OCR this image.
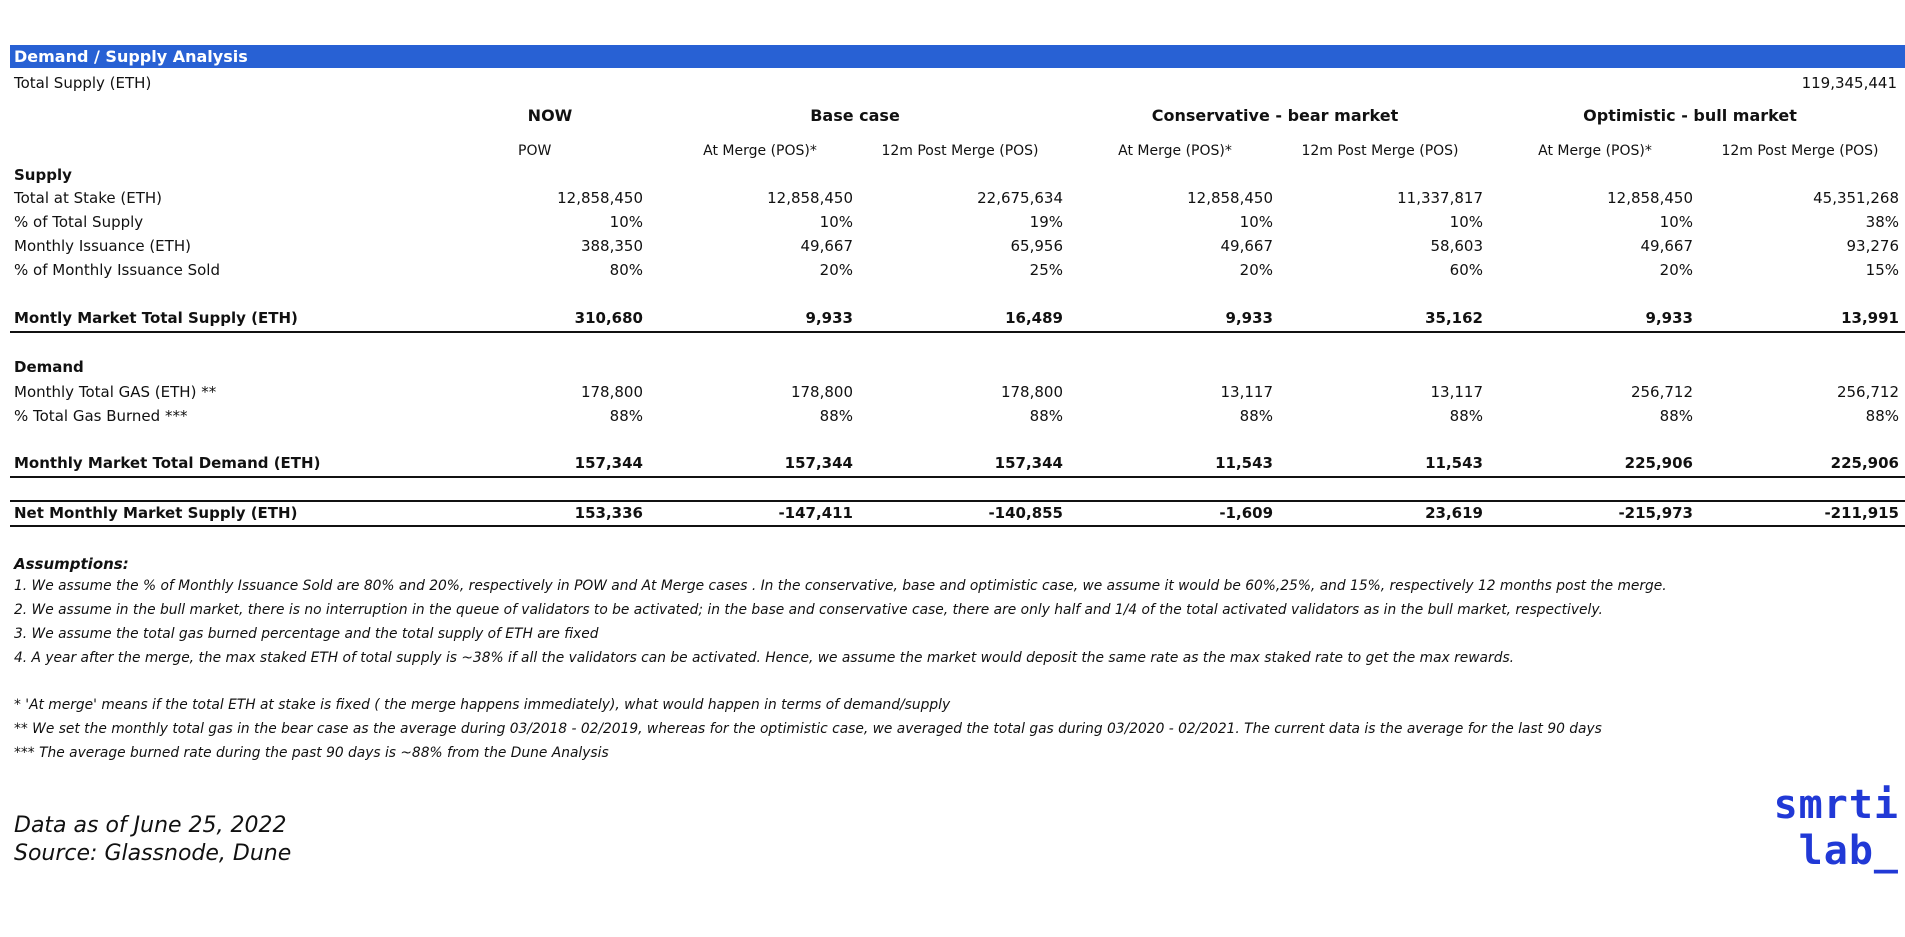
Demand / Supply Analysis
Total Supply (ETH)	119,345,441
NOW	Base case	Conservative - bear market	Optimistic - bull market
POW	At Merge (POS)*	12m Post Merge (POS)	At Merge (POS)*	12m Post Merge (POS)	At Merge (POS)*	12m Post Merge (POS)
Supply
Total at Stake (ETH)	12,858,450	12,858,450	22,675,634	12,858,450	11,337,817	12,858,450	45,351,268
% of Total Supply	10%	10%	19%	10%	10%	10%	38%
Monthly Issuance (ETH)	388,350	49,667	65,956	49,667	58,603	49,667	93,276
% of Monthly Issuance Sold	80%	20%	25%	20%	60%	20%	15%
Montly Market Total Supply (ETH)	310,680	9,933	16,489	9,933	35,162	9,933	13,991
Demand
Monthly Total GAS (ETH) **	178,800	178,800	178,800	13,117	13,117	256,712	256,712
% Total Gas Burned ***	88%	88%	88%	88%	88%	88%	88%
Monthly Market Total Demand (ETH)	157,344	157,344	157,344	11,543	11,543	225,906	225,906
Net Monthly Market Supply (ETH)	153,336	-147,411	-140,855	-1,609	23,619	-215,973	-211,915
Assumptions:
1. We assume the % of Monthly Issuance Sold are 80% and 20%, respectively in POW and At Merge cases . In the conservative, base and optimistic case, we assume it would be 60%,25%, and 15%, respectively 12 months post the merge.
2. We assume in the bull market, there is no interruption in the queue of validators to be activated; in the base and conservative case, there are only half and 1/4 of the total activated validators as in the bull market, respectively.
3. We assume the total gas burned percentage and the total supply of ETH are fixed
4. A year after the merge, the max staked ETH of total supply is ~38% if all the validators can be activated. Hence, we assume the market would deposit the same rate as the max staked rate to get the max rewards.
* 'At merge' means if the total ETH at stake is fixed ( the merge happens immediately), what would happen in terms of demand/supply
** We set the monthly total gas in the bear case as the average during 03/2018 - 02/2019, whereas for the optimistic case, we averaged the total gas during 03/2020 - 02/2021. The current data is the average for the last 90 days
*** The average burned rate during the past 90 days is ~88% from the Dune Analysis
Data as of June 25, 2022
Source: Glassnode, Dune
smrti
lab_
